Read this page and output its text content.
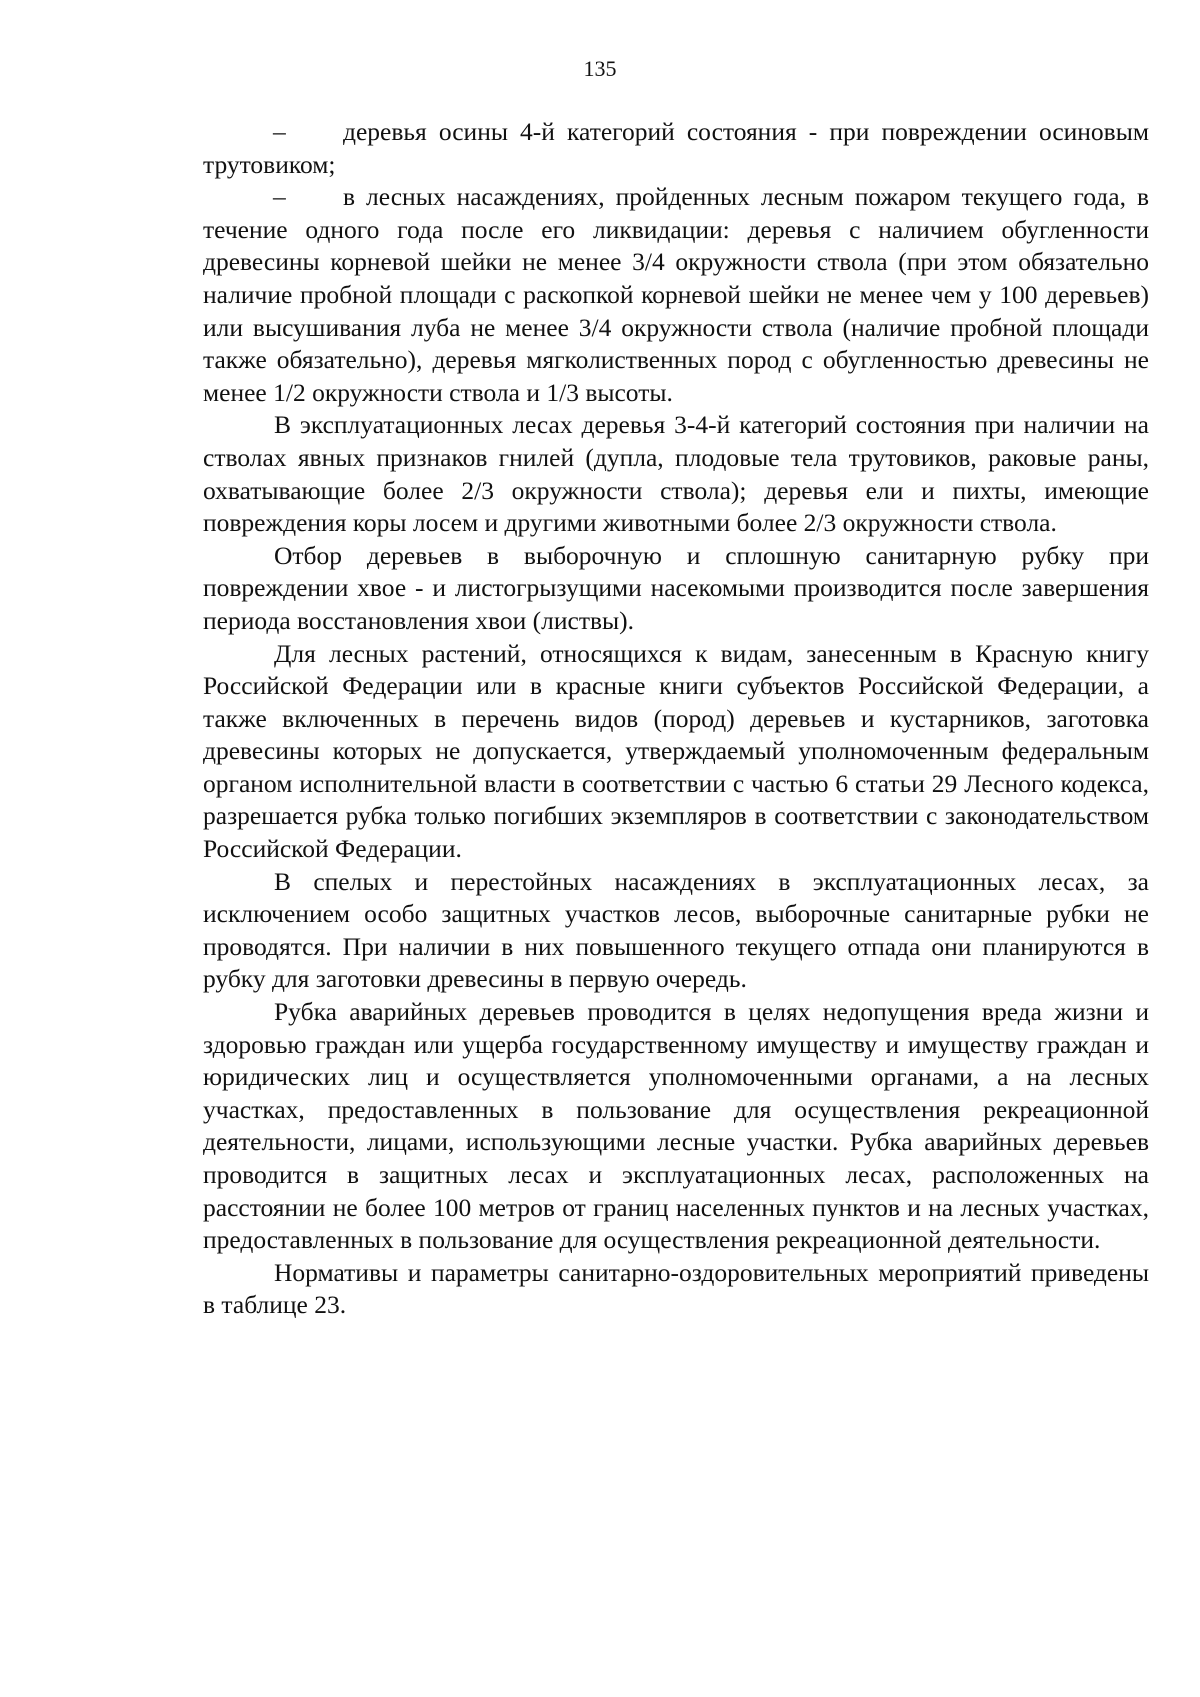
135

– деревья осины 4-й категорий состояния - при повреждении осиновым трутовиком;

– в лесных насаждениях, пройденных лесным пожаром текущего года, в течение одного года после его ликвидации: деревья с наличием обугленности древесины корневой шейки не менее 3/4 окружности ствола (при этом обязательно наличие пробной площади с раскопкой корневой шейки не менее чем у 100 деревьев) или высушивания луба не менее 3/4 окружности ствола (наличие пробной площади также обязательно), деревья мягколиственных пород с обугленностью древесины не менее 1/2 окружности ствола и 1/3 высоты.

В эксплуатационных лесах деревья 3-4-й категорий состояния при наличии на стволах явных признаков гнилей (дупла, плодовые тела трутовиков, раковые раны, охватывающие более 2/3 окружности ствола); деревья ели и пихты, имеющие повреждения коры лосем и другими животными более 2/3 окружности ствола.

Отбор деревьев в выборочную и сплошную санитарную рубку при повреждении хвое - и листогрызущими насекомыми производится после завершения периода восстановления хвои (листвы).

Для лесных растений, относящихся к видам, занесенным в Красную книгу Российской Федерации или в красные книги субъектов Российской Федерации, а также включенных в перечень видов (пород) деревьев и кустарников, заготовка древесины которых не допускается, утверждаемый уполномоченным федеральным органом исполнительной власти в соответствии с частью 6 статьи 29 Лесного кодекса, разрешается рубка только погибших экземпляров в соответствии с законодательством Российской Федерации.

В спелых и перестойных насаждениях в эксплуатационных лесах, за исключением особо защитных участков лесов, выборочные санитарные рубки не проводятся. При наличии в них повышенного текущего отпада они планируются в рубку для заготовки древесины в первую очередь.

Рубка аварийных деревьев проводится в целях недопущения вреда жизни и здоровью граждан или ущерба государственному имуществу и имуществу граждан и юридических лиц и осуществляется уполномоченными органами, а на лесных участках, предоставленных в пользование для осуществления рекреационной деятельности, лицами, использующими лесные участки. Рубка аварийных деревьев проводится в защитных лесах и эксплуатационных лесах, расположенных на расстоянии не более 100 метров от границ населенных пунктов и на лесных участках, предоставленных в пользование для осуществления рекреационной деятельности.

Нормативы и параметры санитарно-оздоровительных мероприятий приведены в таблице 23.
